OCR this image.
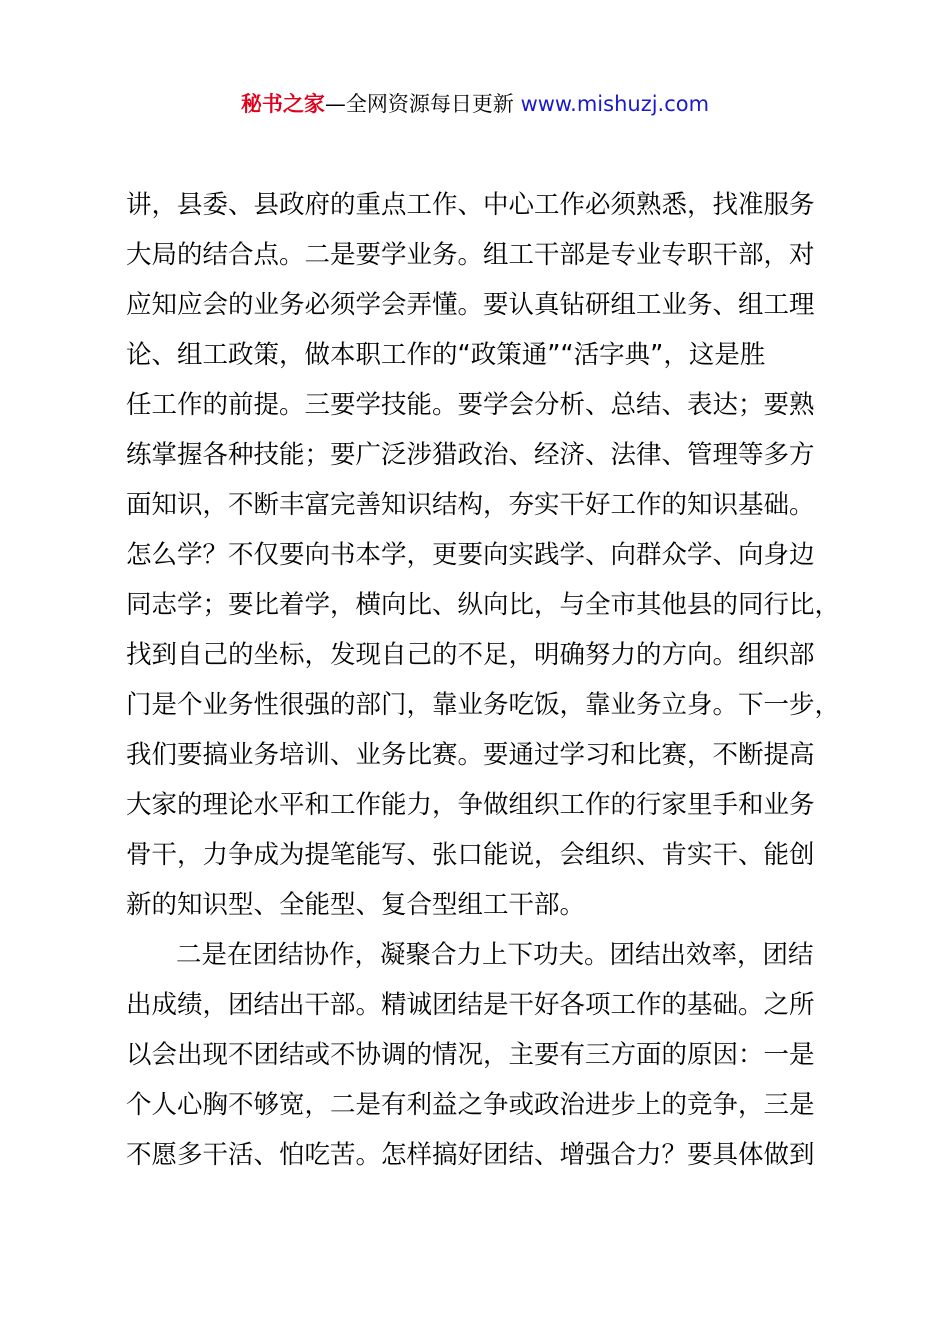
秘书之家—全网资源每日更新 www.mishuzj.com
讲，县委、县政府的重点工作、中心工作必须熟悉，找准服务
大局的结合点。二是要学业务。组工干部是专业专职干部，对
应知应会的业务必须学会弄懂。要认真钻研组工业务、组工理
论、组工政策，做本职工作的“政策通”“活字典”，这是胜
任工作的前提。三要学技能。要学会分析、总结、表达；要熟
练掌握各种技能；要广泛涉猎政治、经济、法律、管理等多方
面知识，不断丰富完善知识结构，夯实干好工作的知识基础。
怎么学？不仅要向书本学，更要向实践学、向群众学、向身边
同志学；要比着学，横向比、纵向比，与全市其他县的同行比，
找到自己的坐标，发现自己的不足，明确努力的方向。组织部
门是个业务性很强的部门，靠业务吃饭，靠业务立身。下一步，
我们要搞业务培训、业务比赛。要通过学习和比赛，不断提高
大家的理论水平和工作能力，争做组织工作的行家里手和业务
骨干，力争成为提笔能写、张口能说，会组织、肯实干、能创
新的知识型、全能型、复合型组工干部。
二是在团结协作，凝聚合力上下功夫。团结出效率，团结
出成绩，团结出干部。精诚团结是干好各项工作的基础。之所
以会出现不团结或不协调的情况，主要有三方面的原因：一是
个人心胸不够宽，二是有利益之争或政治进步上的竞争，三是
不愿多干活、怕吃苦。怎样搞好团结、增强合力？要具体做到
